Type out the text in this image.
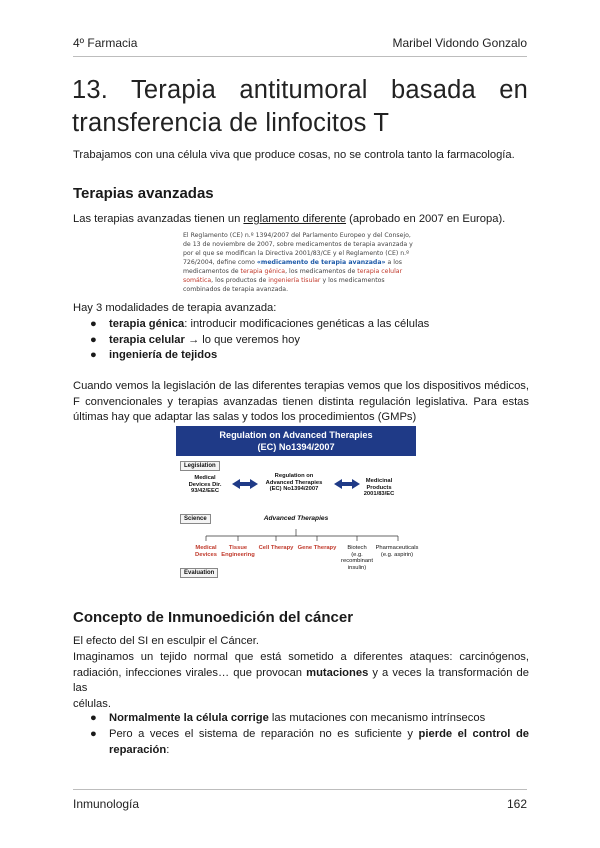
4º Farmacia	Maribel Vidondo Gonzalo
13. Terapia antitumoral basada en
transferencia de linfocitos T
Trabajamos con una célula viva que produce cosas, no se controla tanto la farmacología.
Terapias avanzadas
Las terapias avanzadas tienen un reglamento diferente (aprobado en 2007 en Europa).
El Reglamento (CE) n.º 1394/2007 del Parlamento Europeo y del Consejo,
de 13 de noviembre de 2007, sobre medicamentos de terapia avanzada y
por el que se modifican la Directiva 2001/83/CE y el Reglamento (CE) n.º
726/2004, define como «medicamento de terapia avanzada» a los
medicamentos de terapia génica, los medicamentos de terapia celular
somática, los productos de ingeniería tisular y los medicamentos
combinados de terapia avanzada.
Hay 3 modalidades de terapia avanzada:
● terapia génica: introducir modificaciones genéticas a las células
● terapia celular → lo que veremos hoy
● ingeniería de tejidos
Cuando vemos la legislación de las diferentes terapias vemos que los dispositivos médicos,
F convencionales y terapias avanzadas tienen distinta regulación legislativa. Para estas
últimas hay que adaptar las salas y todos los procedimientos (GMPs)
Regulation on Advanced Therapies
(EC) No1394/2007
Legislation
Medical
Devices Dir.
93/42/EEC
Regulation on
Advanced Therapies
(EC) No1394/2007
Medicinal
Products
2001/83/EC
Science	Advanced Therapies
Medical
Devices
Tissue
Engineering
Cell Therapy Gene Therapy	Biotech
(e.g. recombinant
insulin)
Pharmaceuticals
(e.g. aspirin)
Evaluation
Concepto de Inmunoedición del cáncer
El efecto del SI en esculpir el Cáncer.
Imaginamos un tejido normal que está sometido a diferentes ataques: carcinógenos,
radiación, infecciones virales… que provocan mutaciones y a veces la transformación de las
células.
● Normalmente la célula corrige las mutaciones con mecanismo intrínsecos
● Pero a veces el sistema de reparación no es suficiente y pierde el control de
reparación:
Inmunología	162
